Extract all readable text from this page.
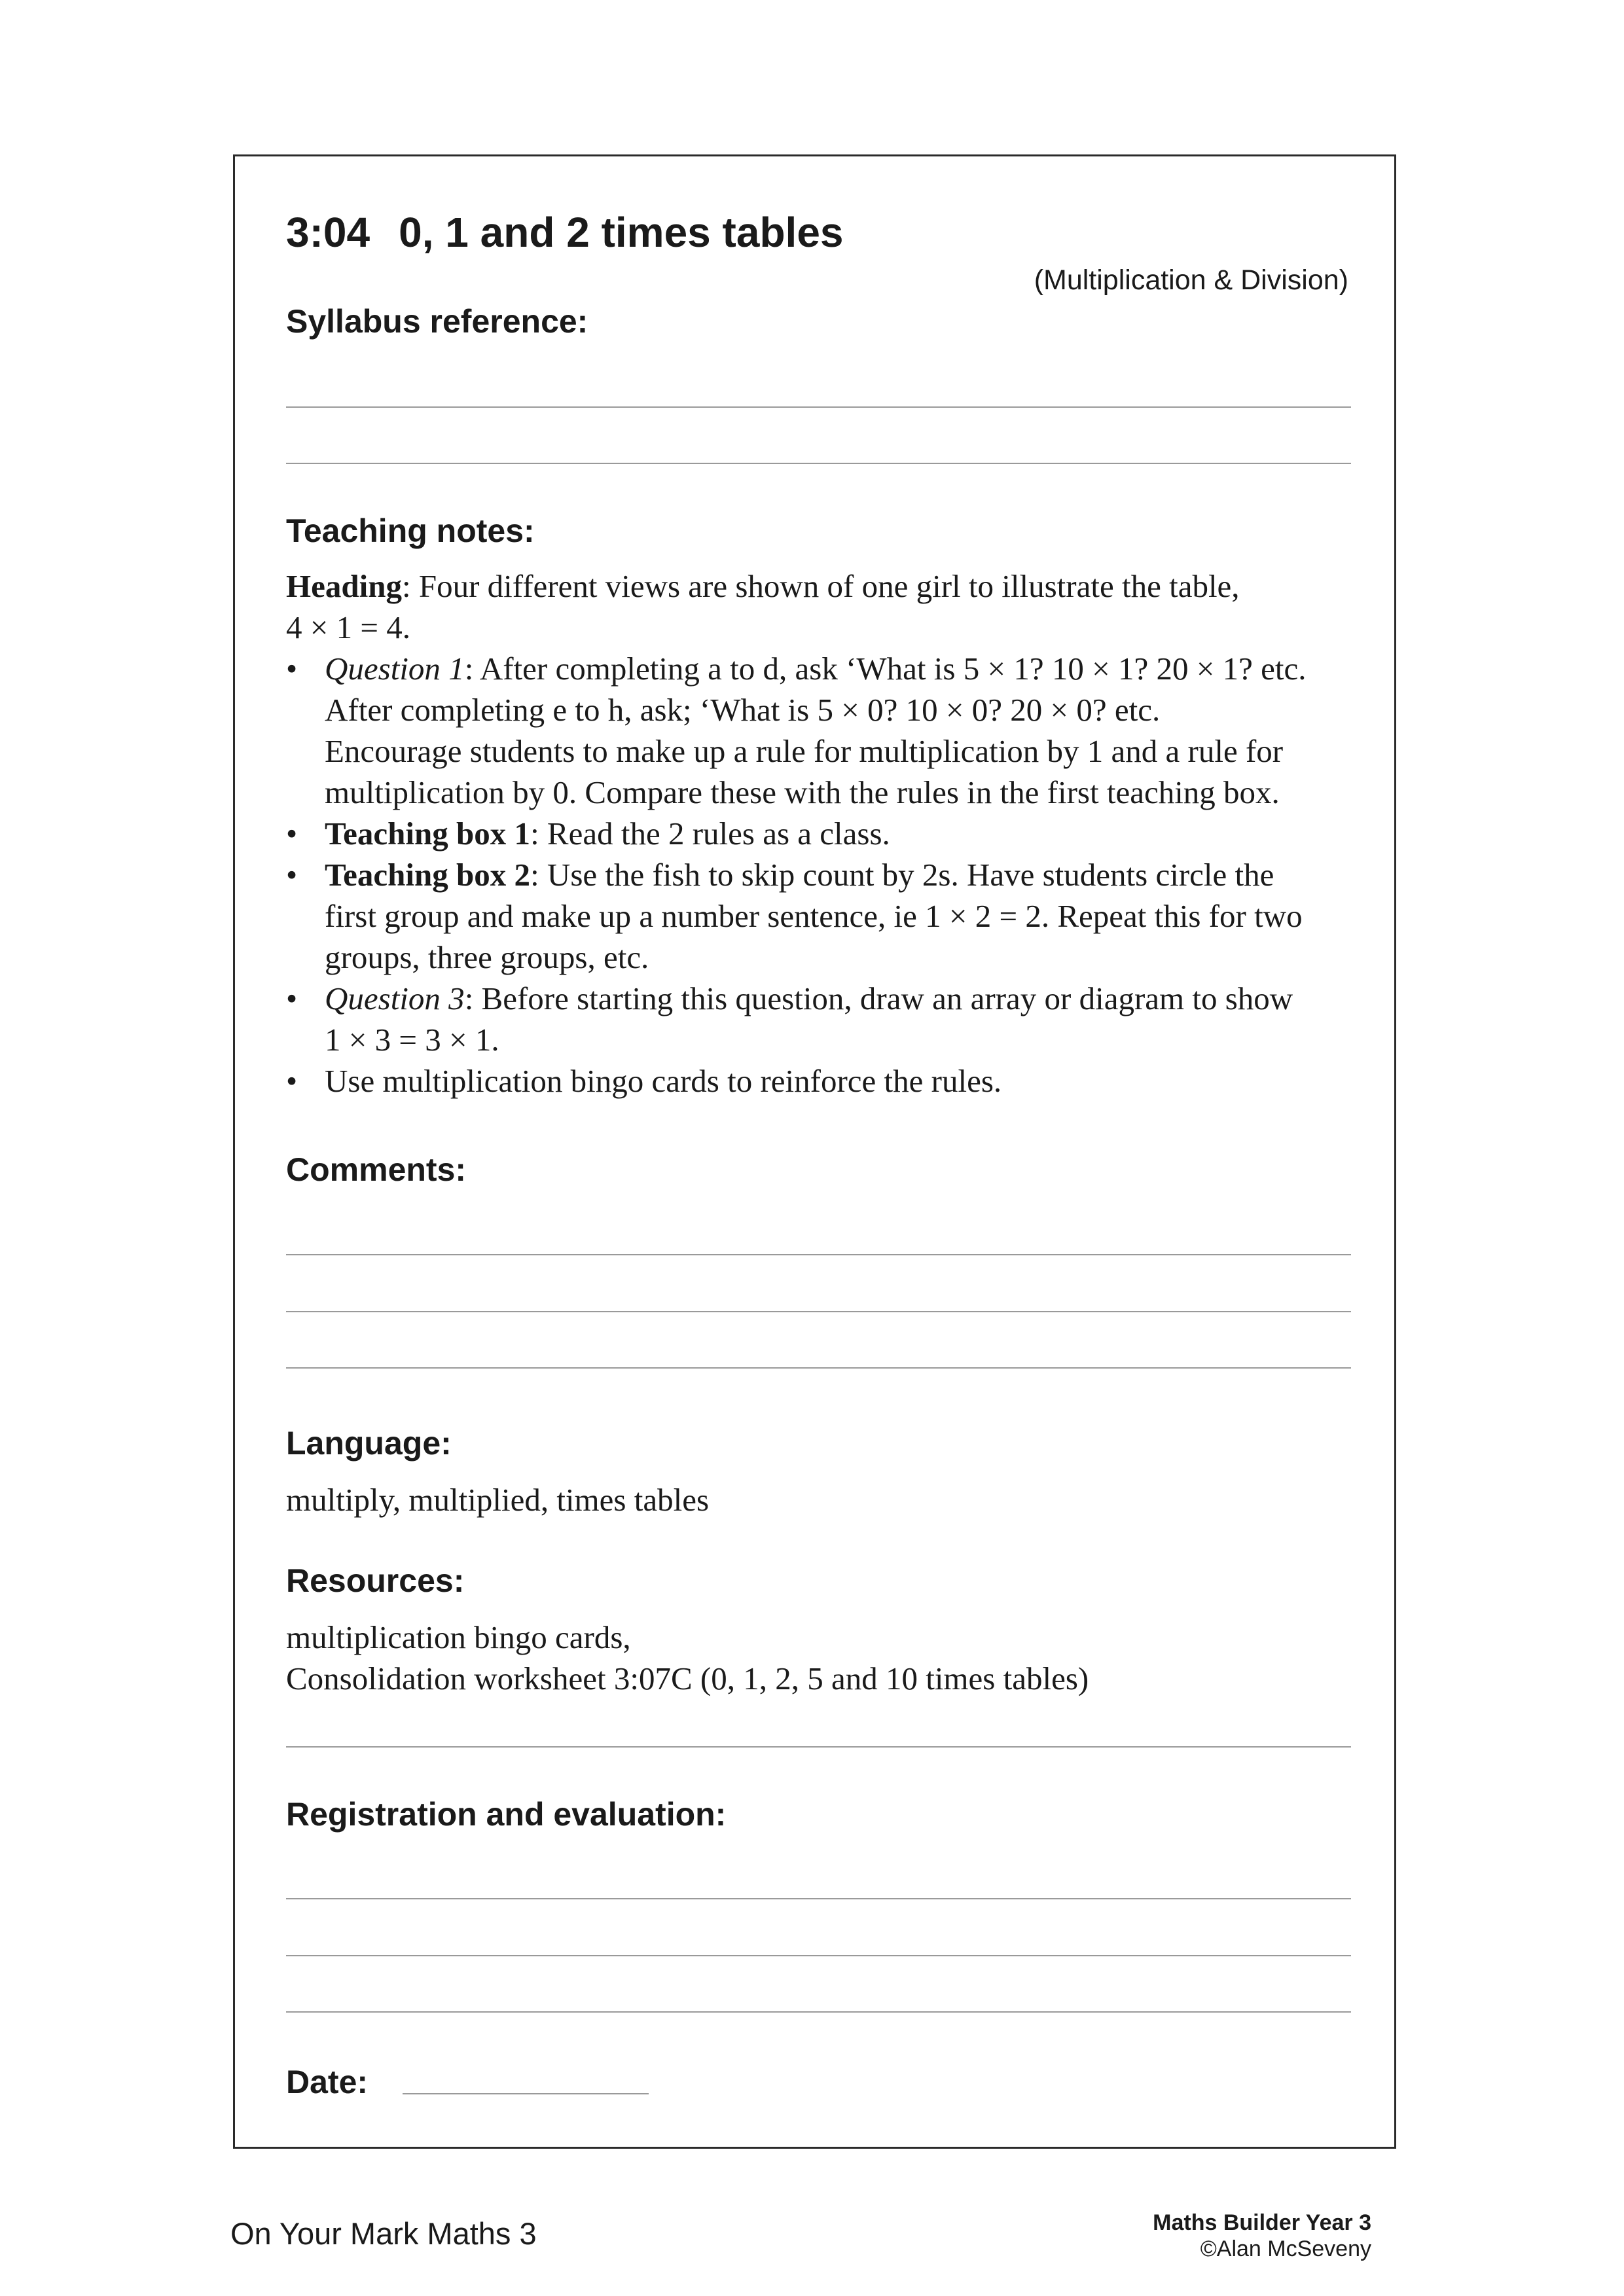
3:04 0, 1 and 2 times tables
(Multiplication & Division)
Syllabus reference:
Teaching notes:
Heading: Four different views are shown of one girl to illustrate the table,
4 × 1 = 4.
• Question 1: After completing a to d, ask ‘What is 5 × 1? 10 × 1? 20 × 1? etc.
After completing e to h, ask; ‘What is 5 × 0? 10 × 0? 20 × 0? etc.
Encourage students to make up a rule for multiplication by 1 and a rule for
multiplication by 0. Compare these with the rules in the first teaching box.
• Teaching box 1: Read the 2 rules as a class.
• Teaching box 2: Use the fish to skip count by 2s. Have students circle the
first group and make up a number sentence, ie 1 × 2 = 2. Repeat this for two
groups, three groups, etc.
• Question 3: Before starting this question, draw an array or diagram to show
1 × 3 = 3 × 1.
• Use multiplication bingo cards to reinforce the rules.
Comments:
Language:
multiply, multiplied, times tables
Resources:
multiplication bingo cards,
Consolidation worksheet 3:07C (0, 1, 2, 5 and 10 times tables)
Registration and evaluation:
Date:
On Your Mark Maths 3	Maths Builder Year 3
©Alan McSeveny
